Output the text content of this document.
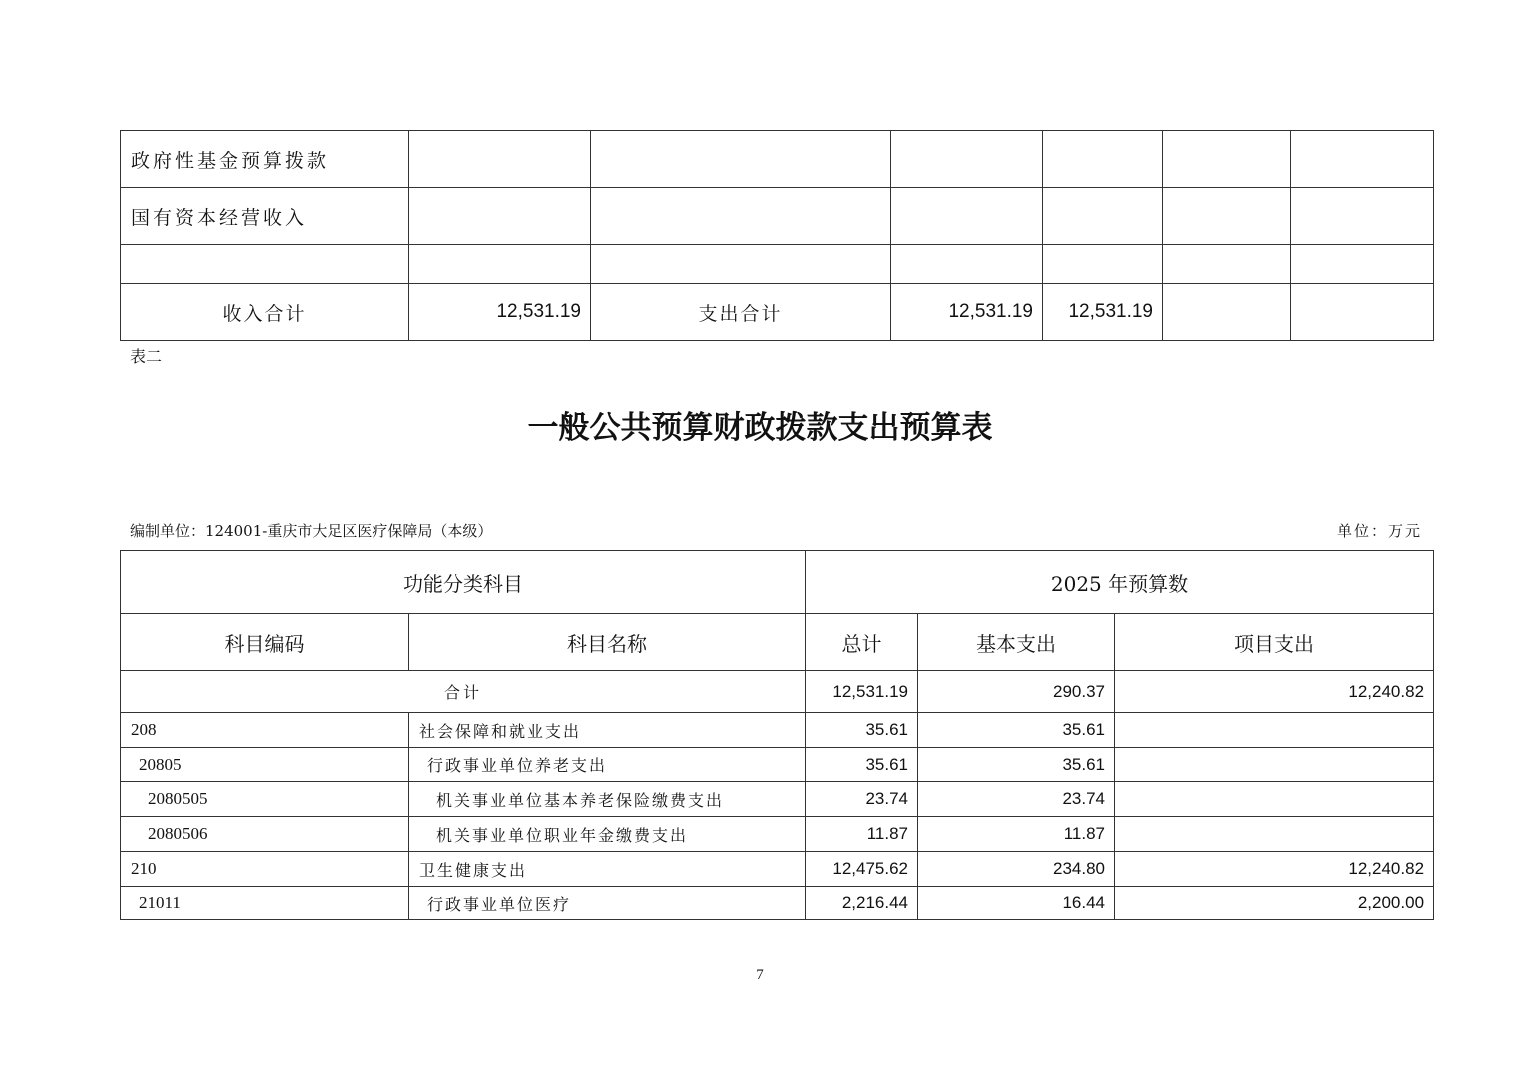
政府性基金预算拨款						
国有资本经营收入						

收入合计	12,531.19	支出合计	12,531.19	12,531.19		
表二
一般公共预算财政拨款支出预算表
编制单位：124001-重庆市大足区医疗保障局（本级）	单位：万元
功能分类科目		2025 年预算数		
科目编码	科目名称	总计	基本支出	项目支出
合计		12,531.19	290.37	12,240.82
208	社会保障和就业支出	35.61	35.61	
20805	行政事业单位养老支出	35.61	35.61	
2080505	机关事业单位基本养老保险缴费支出	23.74	23.74	
2080506	机关事业单位职业年金缴费支出	11.87	11.87	
210	卫生健康支出	12,475.62	234.80	12,240.82
21011	行政事业单位医疗	2,216.44	16.44	2,200.00
7
